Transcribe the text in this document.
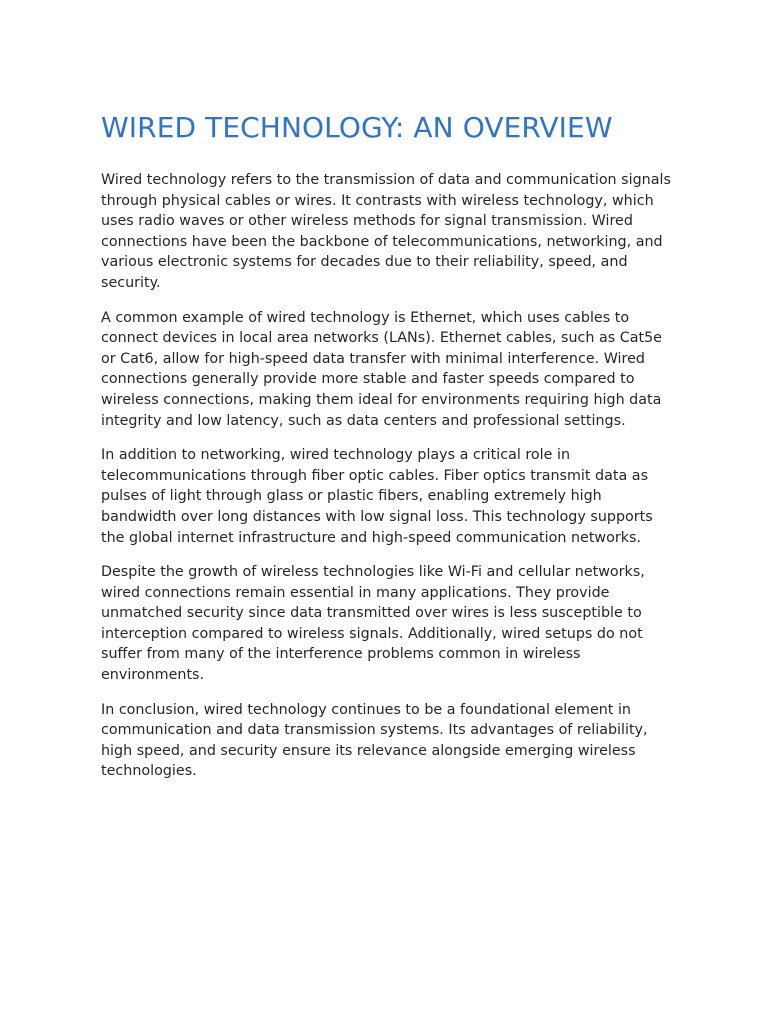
WIRED TECHNOLOGY: AN OVERVIEW

Wired technology refers to the transmission of data and communication signals through physical cables or wires. It contrasts with wireless technology, which uses radio waves or other wireless methods for signal transmission. Wired connections have been the backbone of telecommunications, networking, and various electronic systems for decades due to their reliability, speed, and security.

A common example of wired technology is Ethernet, which uses cables to connect devices in local area networks (LANs). Ethernet cables, such as Cat5e or Cat6, allow for high-speed data transfer with minimal interference. Wired connections generally provide more stable and faster speeds compared to wireless connections, making them ideal for environments requiring high data integrity and low latency, such as data centers and professional settings.

In addition to networking, wired technology plays a critical role in telecommunications through fiber optic cables. Fiber optics transmit data as pulses of light through glass or plastic fibers, enabling extremely high bandwidth over long distances with low signal loss. This technology supports the global internet infrastructure and high-speed communication networks.

Despite the growth of wireless technologies like Wi-Fi and cellular networks, wired connections remain essential in many applications. They provide unmatched security since data transmitted over wires is less susceptible to interception compared to wireless signals. Additionally, wired setups do not suffer from many of the interference problems common in wireless environments.

In conclusion, wired technology continues to be a foundational element in communication and data transmission systems. Its advantages of reliability, high speed, and security ensure its relevance alongside emerging wireless technologies.
